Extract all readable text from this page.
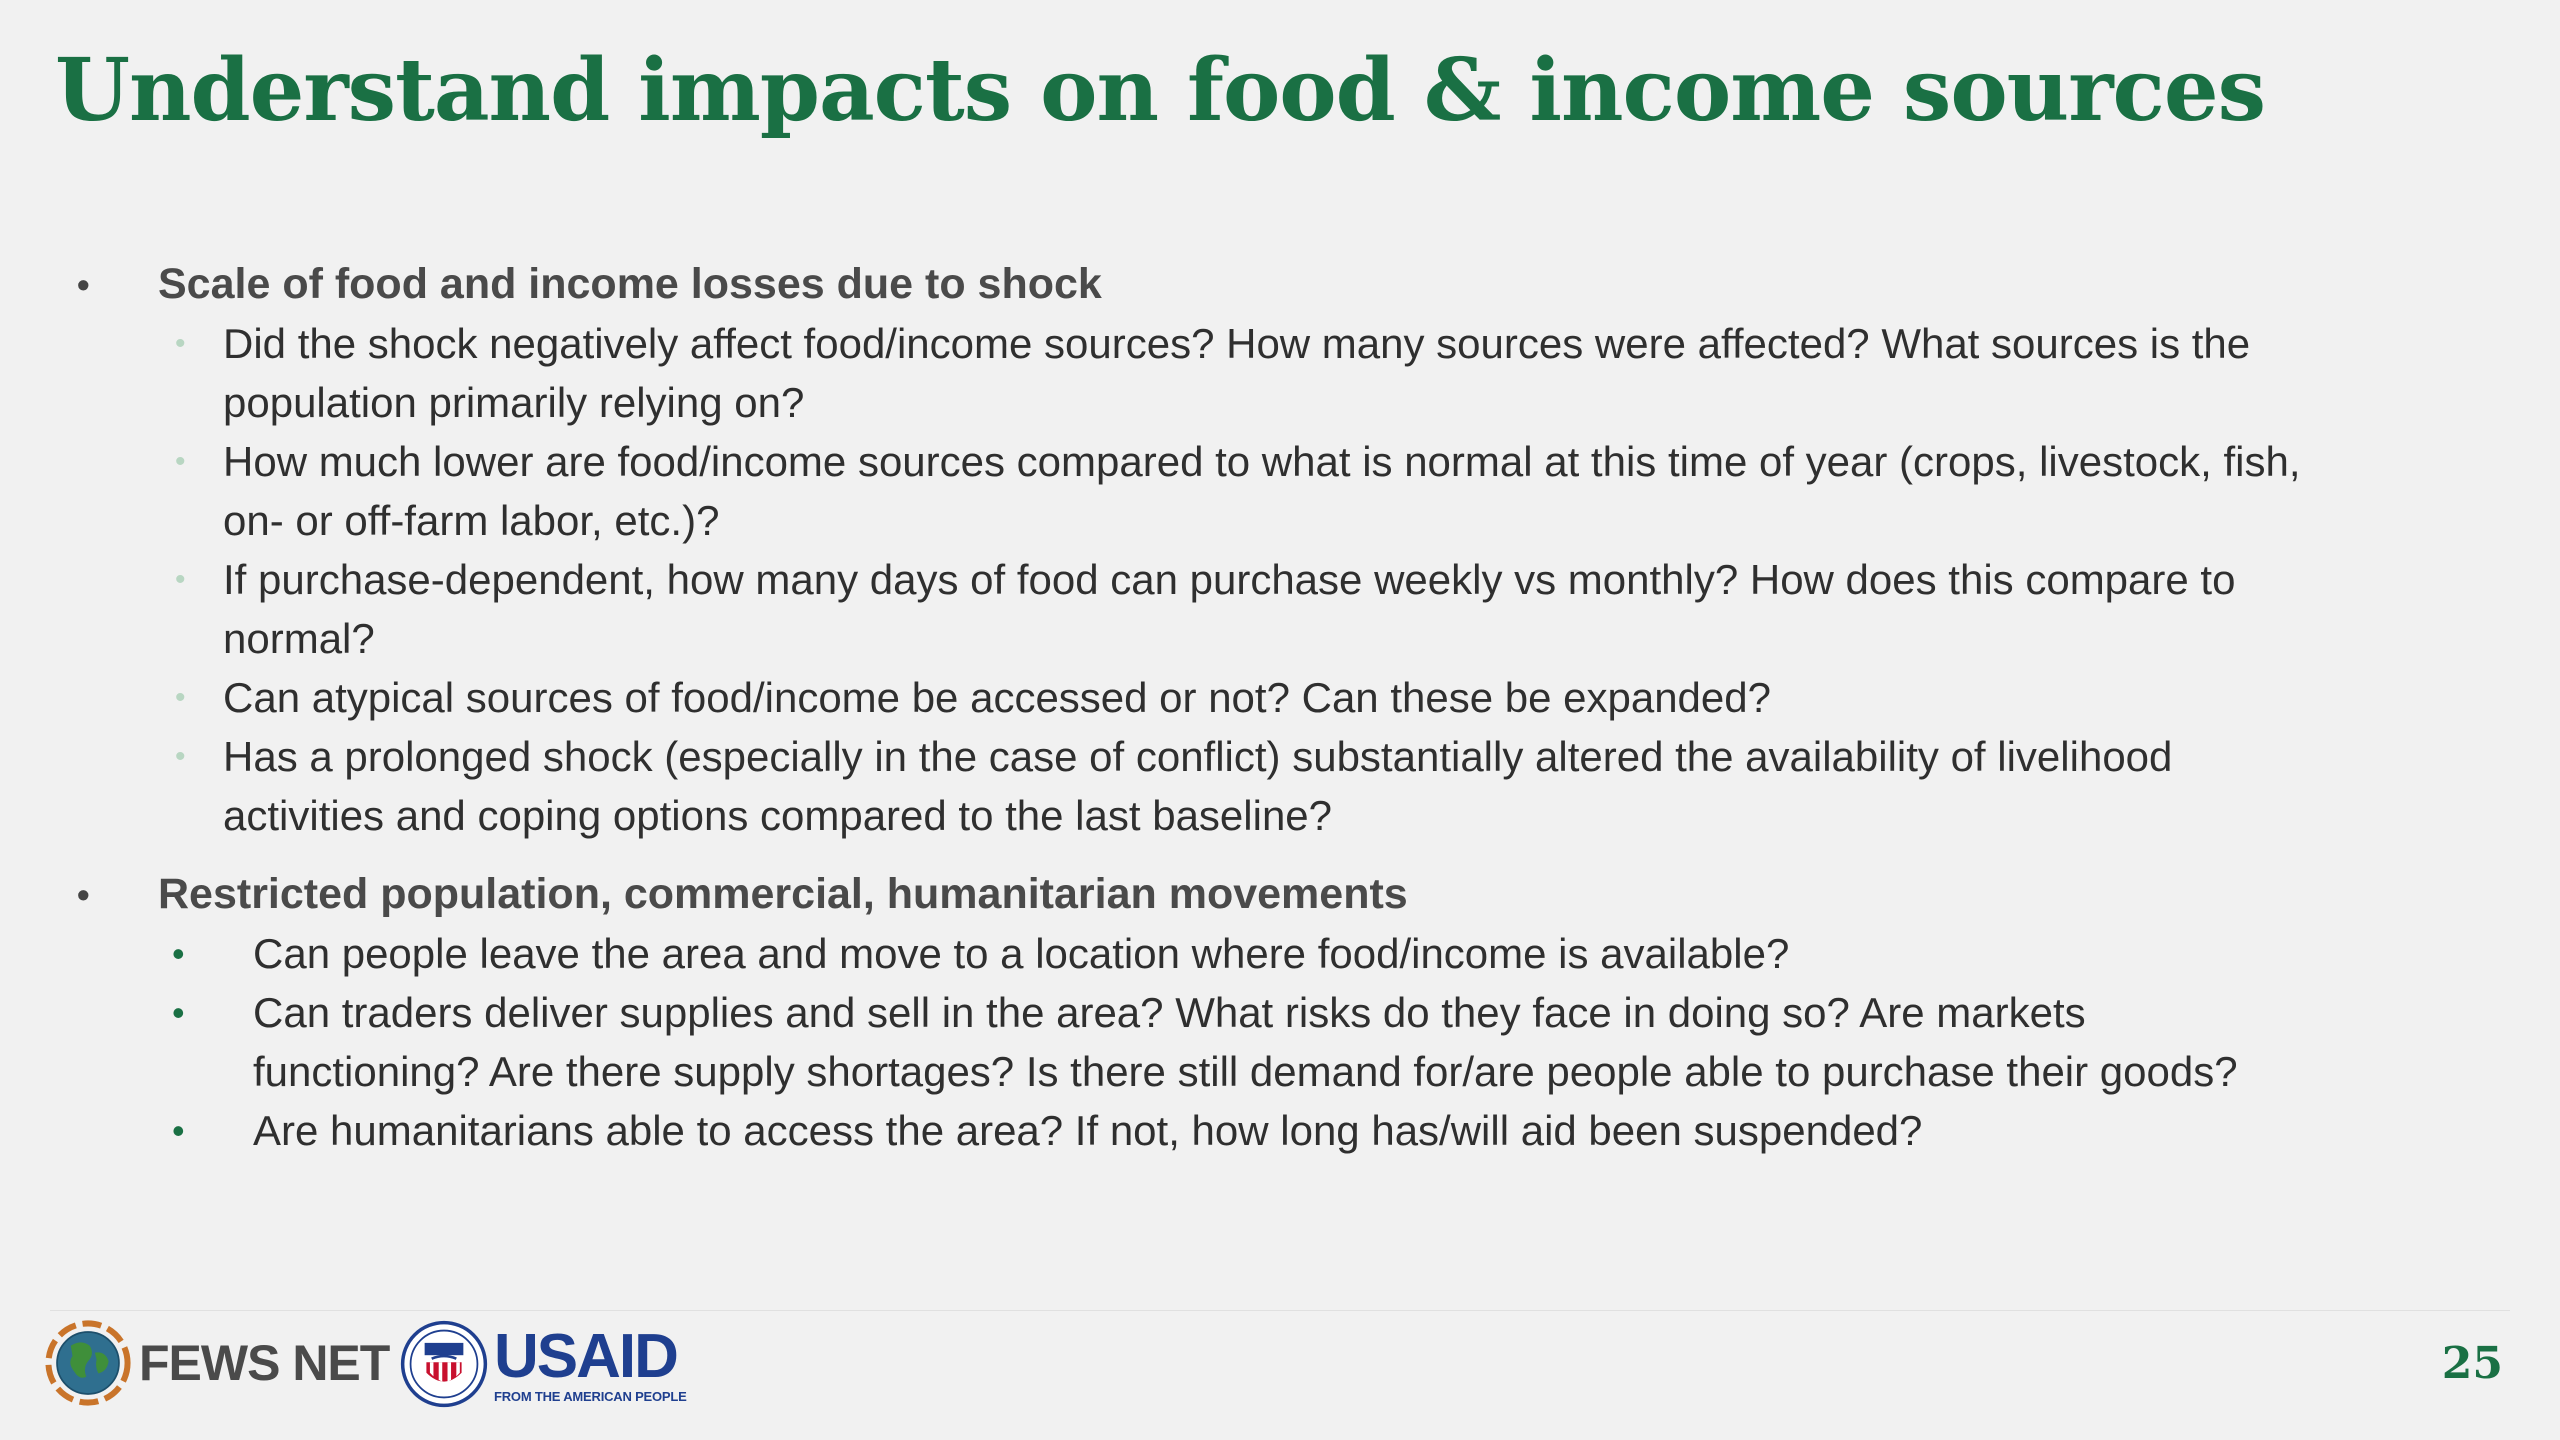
Understand impacts on food & income sources
• Scale of food and income losses due to shock
• Did the shock negatively affect food/income sources? How many sources were affected? What sources is the population primarily relying on?
• How much lower are food/income sources compared to what is normal at this time of year (crops, livestock, fish, on- or off-farm labor, etc.)?
• If purchase-dependent, how many days of food can purchase weekly vs monthly? How does this compare to normal?
• Can atypical sources of food/income be accessed or not? Can these be expanded?
• Has a prolonged shock (especially in the case of conflict) substantially altered the availability of livelihood activities and coping options compared to the last baseline?
• Restricted population, commercial, humanitarian movements
•	Can people leave the area and move to a location where food/income is available?
•	Can traders deliver supplies and sell in the area? What risks do they face in doing so? Are markets functioning? Are there supply shortages? Is there still demand for/are people able to purchase their goods?
•	Are humanitarians able to access the area? If not, how long has/will aid been suspended?
FEWS NET USAID
FROM THE AMERICAN PEOPLE
25
